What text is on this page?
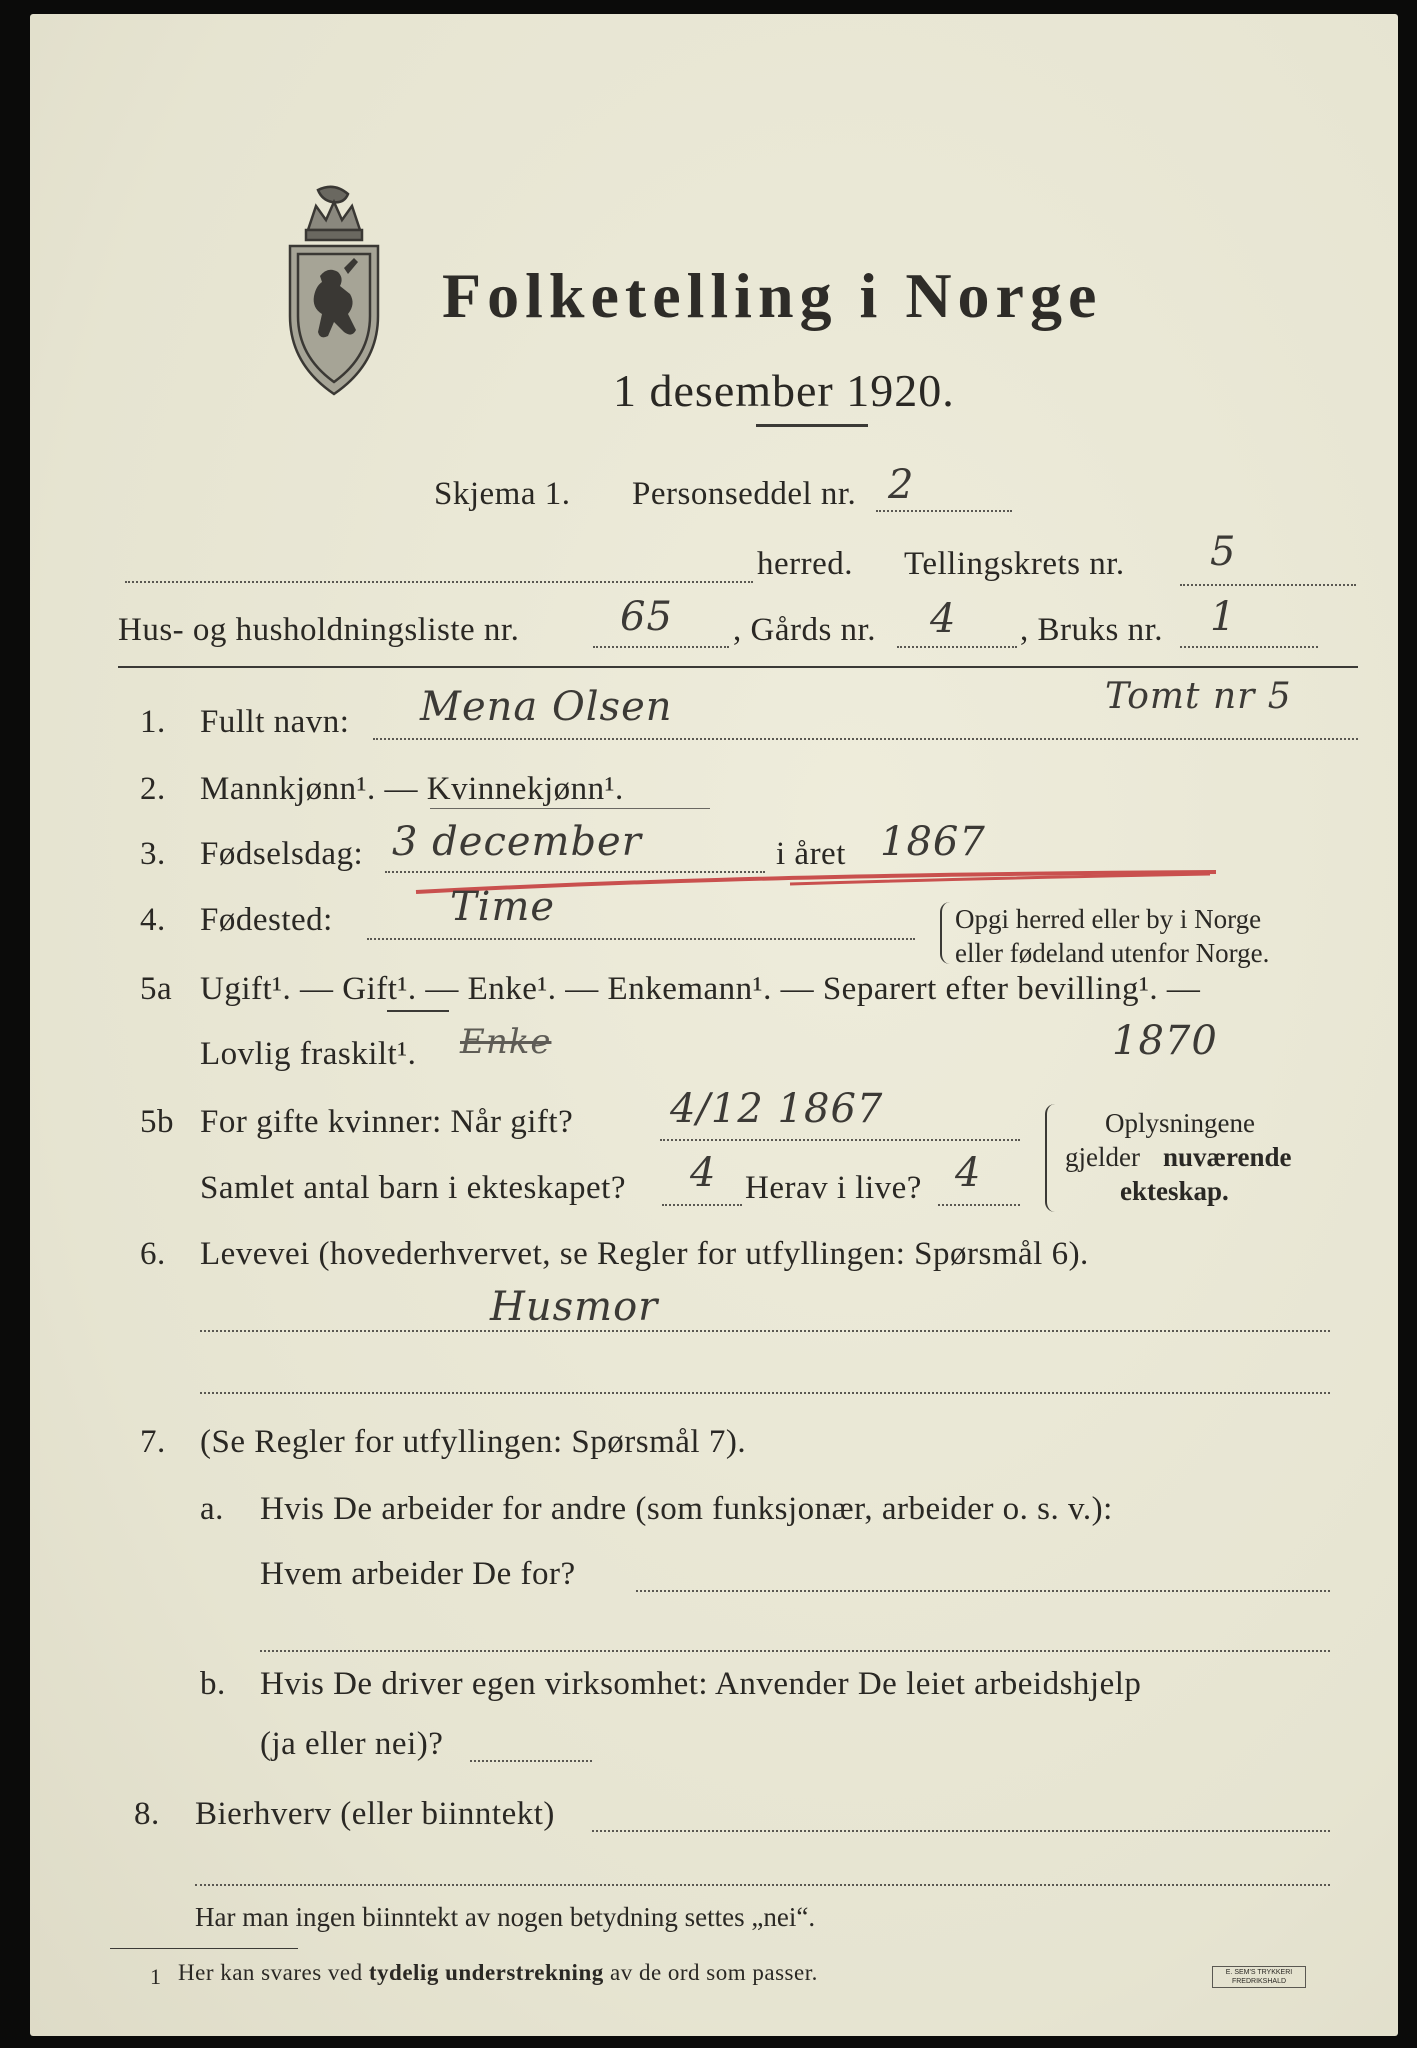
Folketelling i Norge
1 desember 1920.
Skjema 1. Personseddel nr. 2
herred. Tellingskrets nr. 5
Hus- og husholdningsliste nr.	65 , Gårds nr. 4 , Bruks nr. 1
1. Fullt navn: Mena Olsen	Tomt nr 5
2. Mannkjønn¹. — Kvinnekjønn¹.
3. Fødselsdag: 3 december	i året 1867
4. Fødested:	Time	Opgi herred eller by i Norge
eller fødeland utenfor Norge.
5a Ugift¹. — Gift¹. — Enke¹. — Enkemann¹. — Separert efter bevilling¹. —
Lovlig fraskilt¹. Enke	1870
5b For gifte kvinner: Når gift? 4/12 1867
Samlet antal barn i ekteskapet? 4 Herav i live? 4
Oplysningene
gjelder nuværende
ekteskap.
6. Levevei (hovederhvervet, se Regler for utfyllingen: Spørsmål 6).
Husmor
7. (Se Regler for utfyllingen: Spørsmål 7).
a. Hvis De arbeider for andre (som funksjonær, arbeider o. s. v.):
Hvem arbeider De for?
b. Hvis De driver egen virksomhet: Anvender De leiet arbeidshjelp
(ja eller nei)?
8. Bierhverv (eller biinntekt)
Har man ingen biinntekt av nogen betydning settes „nei“.
1 Her kan svares ved tydelig understrekning av de ord som passer.	E. SEM'S TRYKKERI
FREDRIKSHALD
